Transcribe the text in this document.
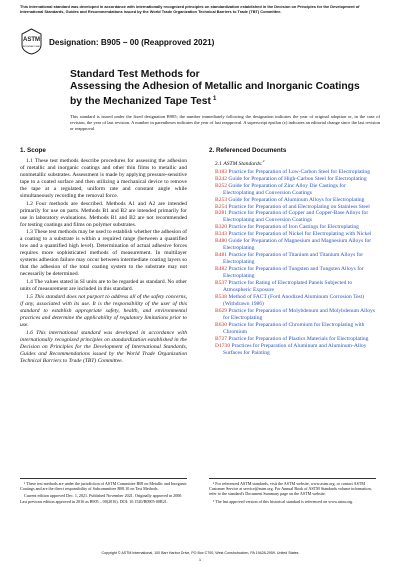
This international standard was developed in accordance with internationally recognized principles on standardization established in the Decision on Principles for the Development of International Standards, Guides and Recommendations issued by the World Trade Organization Technical Barriers to Trade (TBT) Committee.
ASTM
INTERNATIONAL Designation: B905 − 00 (Reapproved 2021)
Standard Test Methods for
Assessing the Adhesion of Metallic and Inorganic Coatings
by the Mechanized Tape Test $^1$
This standard is issued under the fixed designation B905; the number immediately following the designation indicates the year of original adoption or, in the case of revision, the year of last revision. A number in parentheses indicates the year of last reapproval. A superscript epsilon (ε) indicates an editorial change since the last revision or reapproval.
1. Scope

1.1 These test methods describe procedures for assessing the adhesion of metallic and inorganic coatings and other thin films to metallic and nonmetallic substrates. Assessment is made by applying pressure-sensitive tape to a coated surface and then utilizing a mechanical device to remove the tape at a regulated, uniform rate and constant angle while simultaneously recording the removal force.

1.2 Four methods are described. Methods A1 and A2 are intended primarily for use on parts. Methods B1 and B2 are intended primarily for use in laboratory evaluations. Methods B1 and B2 are not recommended for testing coatings and films on polymer substrates.

1.3 These test methods may be used to establish whether the adhesion of a coating to a substrate is within a required range (between a quantified low and a quantified high level). Determination of actual adhesive forces requires more sophisticated methods of measurement. In multilayer systems adhesion failure may occur between intermediate coating layers so that the adhesion of the total coating system to the substrate may not necessarily be determined.

1.4 The values stated in SI units are to be regarded as standard. No other units of measurement are included in this standard.

1.5 This standard does not purport to address all of the safety concerns, if any, associated with its use. It is the responsibility of the user of this standard to establish appropriate safety, health, and environmental practices and determine the applicability of regulatory limitations prior to use.

1.6 This international standard was developed in accordance with internationally recognized principles on standardization established in the Decision on Principles for the Development of International Standards, Guides and Recommendations issued by the World Trade Organization Technical Barriers to Trade (TBT) Committee.

2. Referenced Documents
2.1 ASTM Standards:$^2$
B183 Practice for Preparation of Low-Carbon Steel for Electroplating
B242 Guide for Preparation of High-Carbon Steel for Electroplating
B252 Guide for Preparation of Zinc Alloy Die Castings for Electroplating and Conversion Coatings
B253 Guide for Preparation of Aluminum Alloys for Electroplating
B254 Practice for Preparation of and Electroplating on Stainless Steel
B281 Practice for Preparation of Copper and Copper-Base Alloys for Electroplating and Conversion Coatings
B320 Practice for Preparation of Iron Castings for Electroplating
B343 Practice for Preparation of Nickel for Electroplating with Nickel
B480 Guide for Preparation of Magnesium and Magnesium Alloys for Electroplating
B481 Practice for Preparation of Titanium and Titanium Alloys for Electroplating
B482 Practice for Preparation of Tungsten and Tungsten Alloys for Electroplating
B537 Practice for Rating of Electroplated Panels Subjected to Atmospheric Exposure
B538 Method of FACT (Ford Anodized Aluminum Corrosion Test) (Withdrawn 1986)
B629 Practice for Preparation of Molybdenum and Molybdenum Alloys for Electroplating
B630 Practice for Preparation of Chromium for Electroplating with Chromium
B727 Practice for Preparation of Plastics Materials for Electroplating
D1730 Practices for Preparation of Aluminum and Aluminum-Alloy Surfaces for Painting

¹ These test methods are under the jurisdiction of ASTM Committee B08 on Metallic and Inorganic Coatings and are the direct responsibility of Subcommittee B08.10 on Test Methods.

Current edition approved Dec. 1, 2021. Published November 2021. Originally approved in 2000. Last previous edition approved in 2016 as B905 – 00(2016). DOI: 10.1520/B0905-00R21.

² For referenced ASTM standards, visit the ASTM website, www.astm.org, or contact ASTM Customer Service at service@astm.org. For Annual Book of ASTM Standards volume information, refer to the standard's Document Summary page on the ASTM website.

³ The last approved version of this historical standard is referenced on www.astm.org.

Copyright © ASTM International, 100 Barr Harbor Drive, PO Box C700, West Conshohocken, PA 19428-2959. United States
1
